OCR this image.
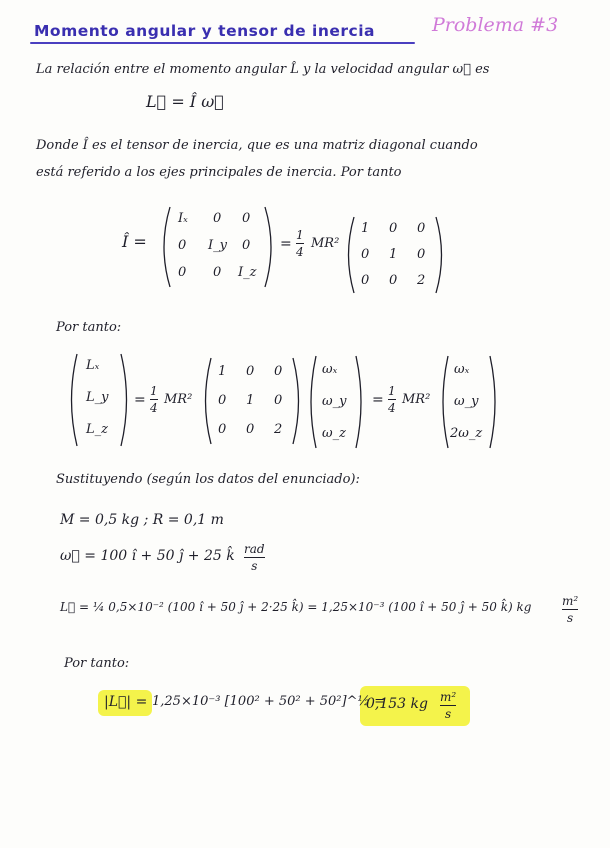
Momento angular y tensor de inercia	Problema #3
La relación entre el momento angular L̂ y la velocidad angular ω⃗ es
L⃗ = Î ω⃗
Donde Î es el tensor de inercia, que es una matriz diagonal cuando
está referido a los ejes principales de inercia. Por tanto
Î =
Iₓ 0 0
0 I_y 0
0 0 I_z
=
1
4
MR²
1 0 0
0 1 0
0 0 2
Por tanto:
Lₓ
L_y
L_z
=
1
4
MR²
1 0 0
0 1 0
0 0 2
ωₓ
ω_y
ω_z
=
1
4
MR²
ωₓ
ω_y
2ω_z
Sustituyendo (según los datos del enunciado):
M = 0,5 kg ; R = 0,1 m
ω⃗ = 100 î + 50 ĵ + 25 k̂ rad
s
L⃗ = ¼ 0,5×10⁻² (100 î + 50 ĵ + 2·25 k̂) = 1,25×10⁻³ (100 î + 50 ĵ + 50 k̂) kg	m²
s
Por tanto:
|L⃗| = 1,25×10⁻³ [100² + 50² + 50²]^½ =
0,153 kg m²
s
